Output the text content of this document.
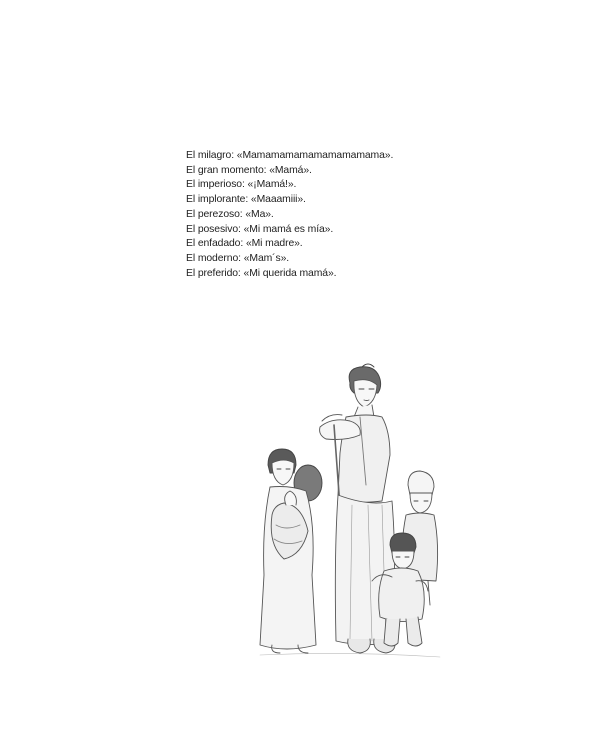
El milagro: «Mamamamamamamamamama».
El gran momento: «Mamá».
El imperioso: «¡Mamá!».
El implorante: «Maaamiii».
El perezoso: «Ma».
El posesivo: «Mi mamá es mía».
El enfadado: «Mi madre».
El moderno: «Mam´s».
El preferido: «Mi querida mamá».
